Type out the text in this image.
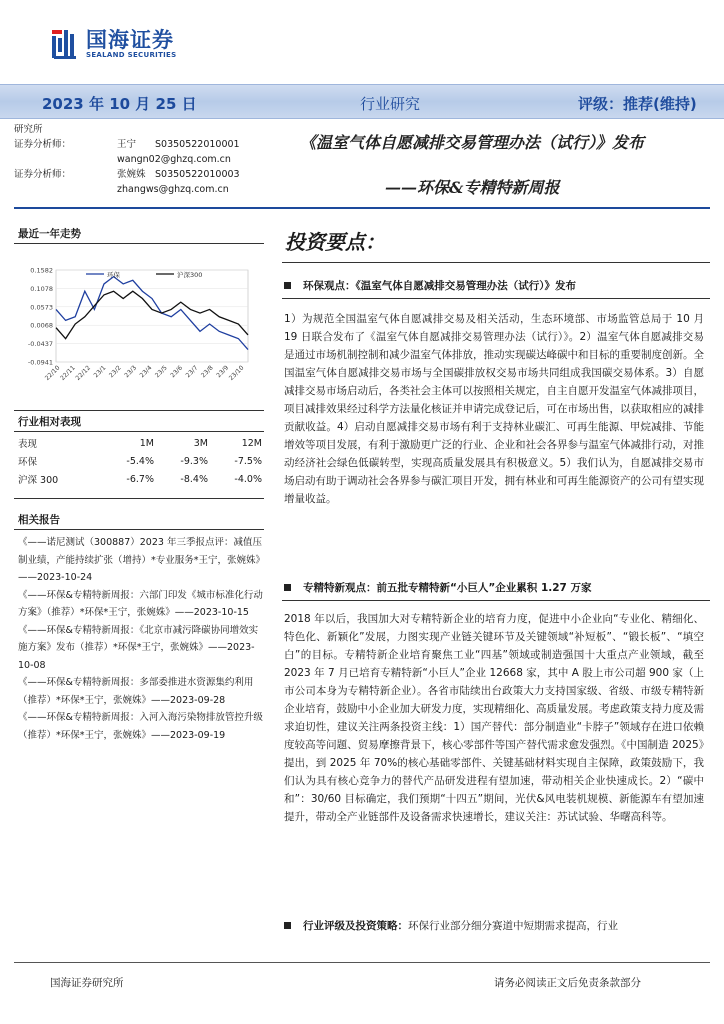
国海证券
SEALAND SECURITIES
2023 年 10 月 25 日	行业研究	评级：推荐(维持)
研究所
证券分析师：	王宁	S0350522010001
wangn02@ghzq.com.cn
证券分析师：	张婉姝 S0350522010003
zhangws@ghzq.com.cn
《温室气体自愿减排交易管理办法（试行）》发布
——环保&专精特新周报
最近一年走势
0.1582
0.1078
0.0573
0.0068
-0.0437
-0.0941
22/10
22/11
22/12 23/1 23/2 23/3 23/4 23/5 23/6 23/7 23/8 23/9
23/10
环保	沪深300
行业相对表现
表现	1M	3M	12M
环保	-5.4%	-9.3%	-7.5%
沪深 300	-6.7%	-8.4%	-4.0%
相关报告

《——诺尼测试（300887）2023 年三季报点评：减值压制业绩，产能持续扩张（增持）*专业服务*王宁，张婉姝》——2023-10-24

《——环保&专精特新周报：六部门印发《城市标准化行动方案》（推荐）*环保*王宁，张婉姝》——2023-10-15

《——环保&专精特新周报：《北京市减污降碳协同增效实施方案》发布（推荐）*环保*王宁，张婉姝》——2023-10-08

《——环保&专精特新周报：多部委推进水资源集约利用（推荐）*环保*王宁，张婉姝》——2023-09-28

《——环保&专精特新周报：入河入海污染物排放管控升级（推荐）*环保*王宁，张婉姝》——2023-09-19

投资要点：
环保观点：《温室气体自愿减排交易管理办法（试行）》发布
1）为规范全国温室气体自愿减排交易及相关活动，生态环境部、市场监管总局于 10 月 19 日联合发布了《温室气体自愿减排交易管理办法（试行）》。2）温室气体自愿减排交易是通过市场机制控制和减少温室气体排放，推动实现碳达峰碳中和目标的重要制度创新。全国温室气体自愿减排交易市场与全国碳排放权交易市场共同组成我国碳交易体系。3）自愿减排交易市场启动后，各类社会主体可以按照相关规定，自主自愿开发温室气体减排项目，项目减排效果经过科学方法量化核证并申请完成登记后，可在市场出售，以获取相应的减排贡献收益。4）启动自愿减排交易市场有利于支持林业碳汇、可再生能源、甲烷减排、节能增效等项目发展，有利于激励更广泛的行业、企业和社会各界参与温室气体减排行动，对推动经济社会绿色低碳转型，实现高质量发展具有积极意义。5）我们认为，自愿减排交易市场启动有助于调动社会各界参与碳汇项目开发，拥有林业和可再生能源资产的公司有望实现增量收益。
专精特新观点：前五批专精特新“小巨人”企业累积 1.27 万家
2018 年以后，我国加大对专精特新企业的培育力度，促进中小企业向“专业化、精细化、特色化、新颖化”发展，力图实现产业链关键环节及关键领域“补短板”、“锻长板”、“填空白”的目标。专精特新企业培育聚焦工业“四基”领域或制造强国十大重点产业领域，截至 2023 年 7 月已培育专精特新“小巨人”企业 12668 家，其中 A 股上市公司超 900 家（上市公司本身为专精特新企业）。各省市陆续出台政策大力支持国家级、省级、市级专精特新企业培育，鼓励中小企业加大研发力度，实现精细化、高质量发展。考虑政策支持力度及需求迫切性，建议关注两条投资主线：1）国产替代：部分制造业“卡脖子”领域存在进口依赖度较高等问题、贸易摩擦背景下，核心零部件等国产替代需求愈发强烈。《中国制造 2025》提出，到 2025 年 70%的核心基础零部件、关键基础材料实现自主保障，政策鼓励下，我们认为具有核心竞争力的替代产品研发进程有望加速，带动相关企业快速成长。2）“碳中和”：30/60 目标确定，我们预期“十四五”期间，光伏&风电装机规模、新能源车有望加速提升，带动全产业链部件及设备需求快速增长，建议关注：苏试试验、华曙高科等。
行业评级及投资策略： 环保行业部分细分赛道中短期需求提高，行业
国海证券研究所	请务必阅读正文后免责条款部分
